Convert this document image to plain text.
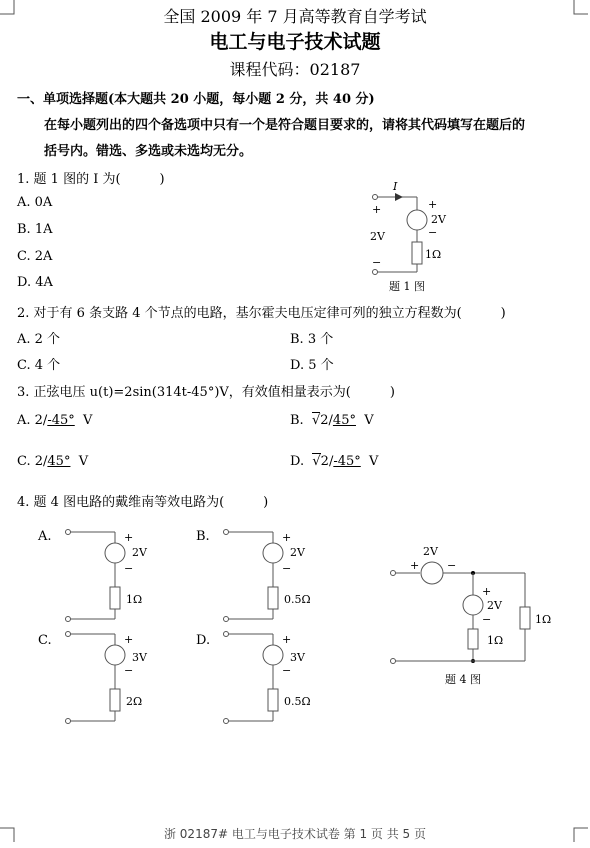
全国 2009 年 7 月高等教育自学考试
电工与电子技术试题
课程代码：02187
一、单项选择题(本大题共 20 小题，每小题 2 分，共 40 分)
在每小题列出的四个备选项中只有一个是符合题目要求的，请将其代码填写在题后的
括号内。错选、多选或未选均无分。
1. 题 1 图的 I 为(　　　)
A. 0A
B. 1A
C. 2A
D. 4A
I
+
2V
−
+
2V
−
1Ω
题 1 图
2. 对于有 6 条支路 4 个节点的电路，基尔霍夫电压定律可列的独立方程数为(　　　)
A. 2 个	B. 3 个
C. 4 个	D. 5 个
3. 正弦电压 u(t)=2sin(314t-45°)V，有效值相量表示为(　　　)
A. 2/-45° V	B. √2/45° V
C. 2/45° V	D. √2/-45° V
4. 题 4 图电路的戴维南等效电路为(　　　)
A.	+
2V
−
1Ω
B.	+
2V
−
0.5Ω
C.	+
3V
−
2Ω
D.	+
3V
−
0.5Ω
+	−
2V
+
2V
−
1Ω
1Ω
题 4 图
浙 02187# 电工与电子技术试卷 第 1 页 共 5 页
